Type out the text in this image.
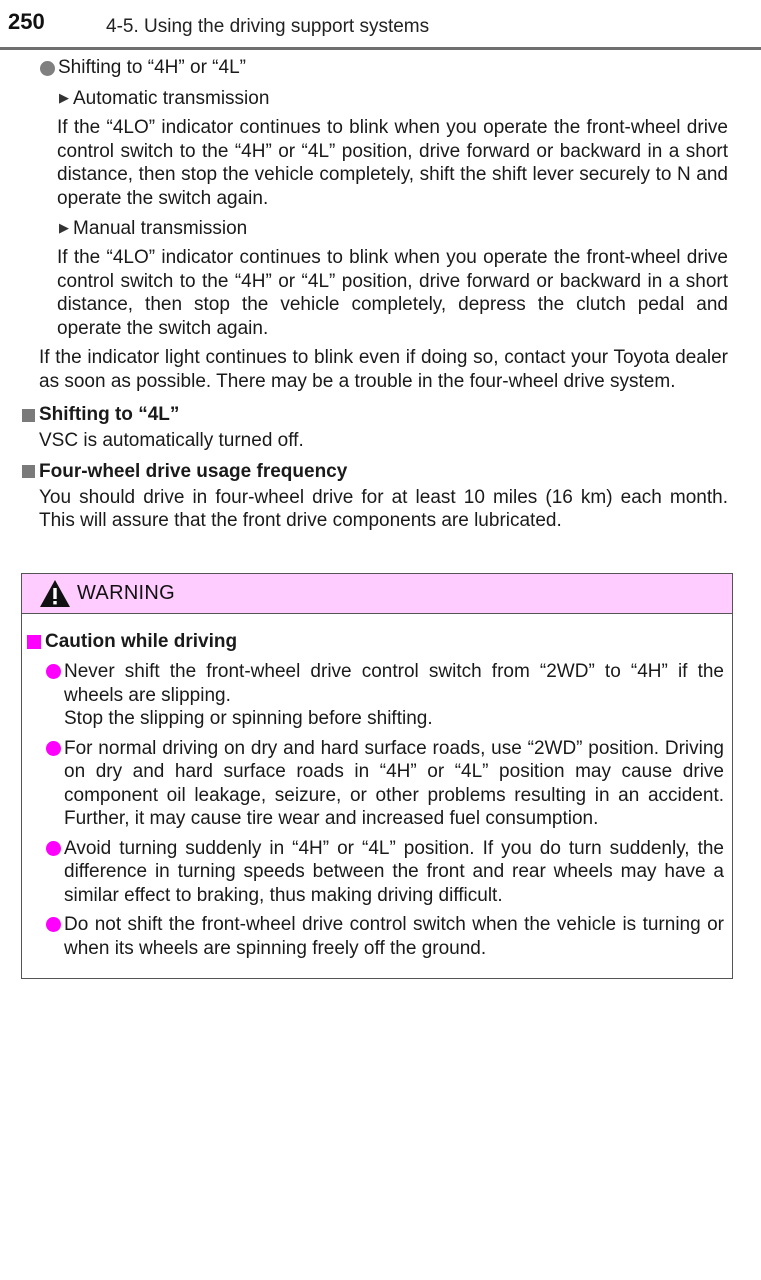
250	4-5. Using the driving support systems
Shifting to “4H” or “4L”
▶ Automatic transmission

If the “4LO” indicator continues to blink when you operate the front-wheel drive control switch to the “4H” or “4L” position, drive forward or backward in a short distance, then stop the vehicle completely, shift the shift lever securely to N and operate the switch again.

▶ Manual transmission

If the “4LO” indicator continues to blink when you operate the front-wheel drive control switch to the “4H” or “4L” position, drive forward or backward in a short distance, then stop the vehicle completely, depress the clutch pedal and operate the switch again.

If the indicator light continues to blink even if doing so, contact your Toyota dealer as soon as possible. There may be a trouble in the four-wheel drive system.

Shifting to “4L”

VSC is automatically turned off.

Four-wheel drive usage frequency

You should drive in four-wheel drive for at least 10 miles (16 km) each month. This will assure that the front drive components are lubricated.

WARNING
Caution while driving

Never shift the front-wheel drive control switch from “2WD” to “4H” if the wheels are slipping.

Stop the slipping or spinning before shifting.

For normal driving on dry and hard surface roads, use “2WD” position. Driving on dry and hard surface roads in “4H” or “4L” position may cause drive component oil leakage, seizure, or other problems resulting in an accident. Further, it may cause tire wear and increased fuel consumption.

Avoid turning suddenly in “4H” or “4L” position. If you do turn suddenly, the difference in turning speeds between the front and rear wheels may have a similar effect to braking, thus making driving difficult.

Do not shift the front-wheel drive control switch when the vehicle is turning or when its wheels are spinning freely off the ground.
